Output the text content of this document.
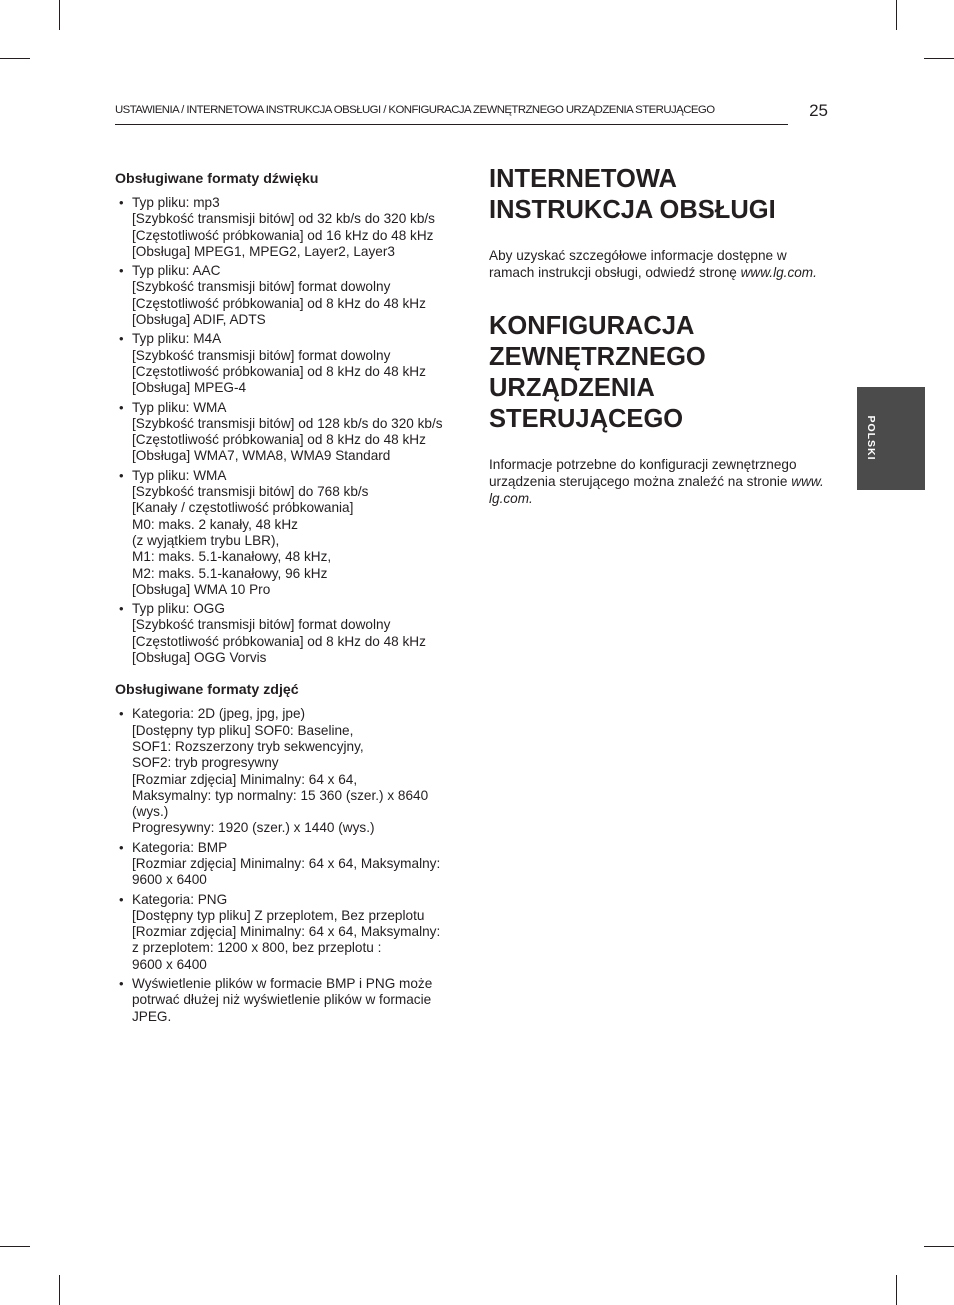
USTAWIENIA / INTERNETOWA INSTRUKCJA OBSŁUGI / KONFIGURACJA ZEWNĘTRZNEGO URZĄDZENIA STERUJĄCEGO	25
Obsługiwane formaty dźwięku
• Typ pliku: mp3
[Szybkość transmisji bitów] od 32 kb/s do 320 kb/s
[Częstotliwość próbkowania] od 16 kHz do 48 kHz
[Obsługa] MPEG1, MPEG2, Layer2, Layer3
• Typ pliku: AAC
[Szybkość transmisji bitów] format dowolny
[Częstotliwość próbkowania] od 8 kHz do 48 kHz
[Obsługa] ADIF, ADTS
• Typ pliku: M4A
[Szybkość transmisji bitów] format dowolny
[Częstotliwość próbkowania] od 8 kHz do 48 kHz
[Obsługa] MPEG-4
• Typ pliku: WMA
[Szybkość transmisji bitów] od 128 kb/s do 320 kb/s
[Częstotliwość próbkowania] od 8 kHz do 48 kHz
[Obsługa] WMA7, WMA8, WMA9 Standard
• Typ pliku: WMA
[Szybkość transmisji bitów] do 768 kb/s
[Kanały / częstotliwość próbkowania]
M0: maks. 2 kanały, 48 kHz
(z wyjątkiem trybu LBR),
M1: maks. 5.1-kanałowy, 48 kHz,
M2: maks. 5.1-kanałowy, 96 kHz
[Obsługa] WMA 10 Pro
• Typ pliku: OGG
[Szybkość transmisji bitów] format dowolny
[Częstotliwość próbkowania] od 8 kHz do 48 kHz
[Obsługa] OGG Vorvis
Obsługiwane formaty zdjęć
• Kategoria: 2D (jpeg, jpg, jpe)
[Dostępny typ pliku] SOF0: Baseline,
SOF1: Rozszerzony tryb sekwencyjny,
SOF2: tryb progresywny
[Rozmiar zdjęcia] Minimalny: 64 x 64,
Maksymalny: typ normalny: 15 360 (szer.) x 8640
(wys.)
Progresywny: 1920 (szer.) x 1440 (wys.)
• Kategoria: BMP
[Rozmiar zdjęcia] Minimalny: 64 x 64, Maksymalny:
9600 x 6400
• Kategoria: PNG
[Dostępny typ pliku] Z przeplotem, Bez przeplotu
[Rozmiar zdjęcia] Minimalny: 64 x 64, Maksymalny:
z przeplotem: 1200 x 800, bez przeplotu :
9600 x 6400
• Wyświetlenie plików w formacie BMP i PNG może
potrwać dłużej niż wyświetlenie plików w formacie
JPEG.
INTERNETOWA
INSTRUKCJA OBSŁUGI

Aby uzyskać szczegółowe informacje dostępne w
ramach instrukcji obsługi, odwiedź stronę www.lg.com.

KONFIGURACJA
ZEWNĘTRZNEGO
URZĄDZENIA
STERUJĄCEGO

Informacje potrzebne do konfiguracji zewnętrznego
urządzenia sterującego można znaleźć na stronie www.
lg.com.

POLSKI
